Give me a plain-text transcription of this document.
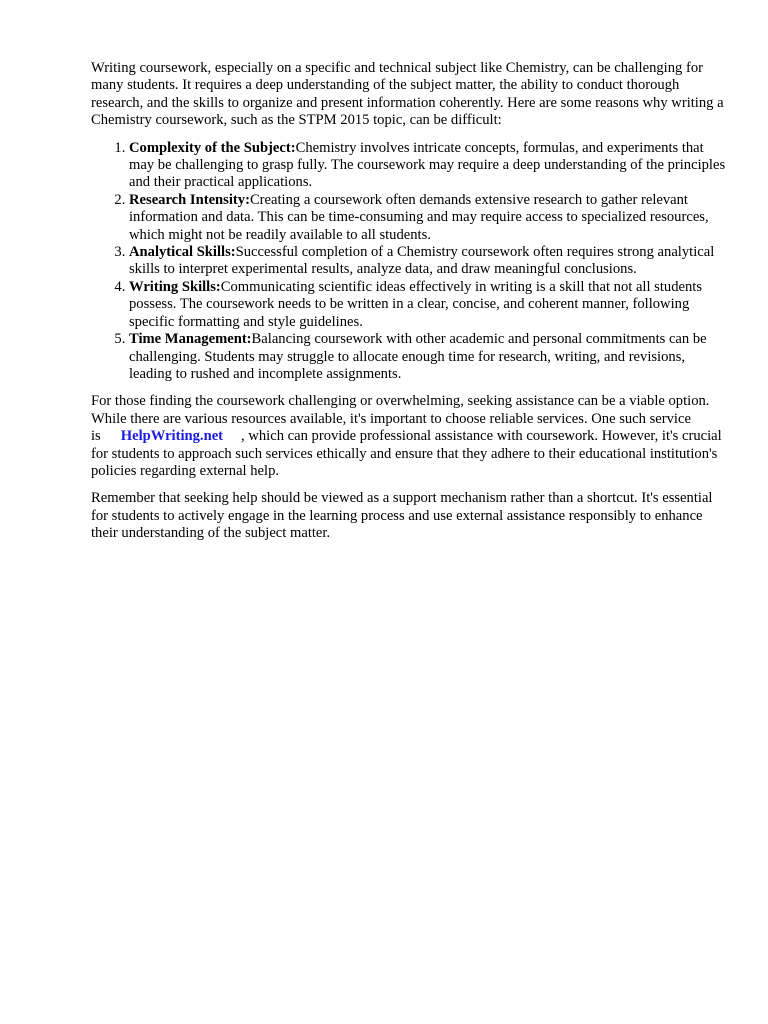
Writing coursework, especially on a specific and technical subject like Chemistry, can be challenging for many students. It requires a deep understanding of the subject matter, the ability to conduct thorough research, and the skills to organize and present information coherently. Here are some reasons why writing a Chemistry coursework, such as the STPM 2015 topic, can be difficult:

1. Complexity of the Subject:Chemistry involves intricate concepts, formulas, and experiments that may be challenging to grasp fully. The coursework may require a deep understanding of the principles and their practical applications.
2. Research Intensity:Creating a coursework often demands extensive research to gather relevant information and data. This can be time-consuming and may require access to specialized resources, which might not be readily available to all students.
3. Analytical Skills:Successful completion of a Chemistry coursework often requires strong analytical skills to interpret experimental results, analyze data, and draw meaningful conclusions.
4. Writing Skills:Communicating scientific ideas effectively in writing is a skill that not all students possess. The coursework needs to be written in a clear, concise, and coherent manner, following specific formatting and style guidelines.
5. Time Management:Balancing coursework with other academic and personal commitments can be challenging. Students may struggle to allocate enough time for research, writing, and revisions, leading to rushed and incomplete assignments.

For those finding the coursework challenging or overwhelming, seeking assistance can be a viable option. While there are various resources available, it's important to choose reliable services. One such service is HelpWriting.net , which can provide professional assistance with coursework. However, it's crucial for students to approach such services ethically and ensure that they adhere to their educational institution's policies regarding external help.

Remember that seeking help should be viewed as a support mechanism rather than a shortcut. It's essential for students to actively engage in the learning process and use external assistance responsibly to enhance their understanding of the subject matter.
